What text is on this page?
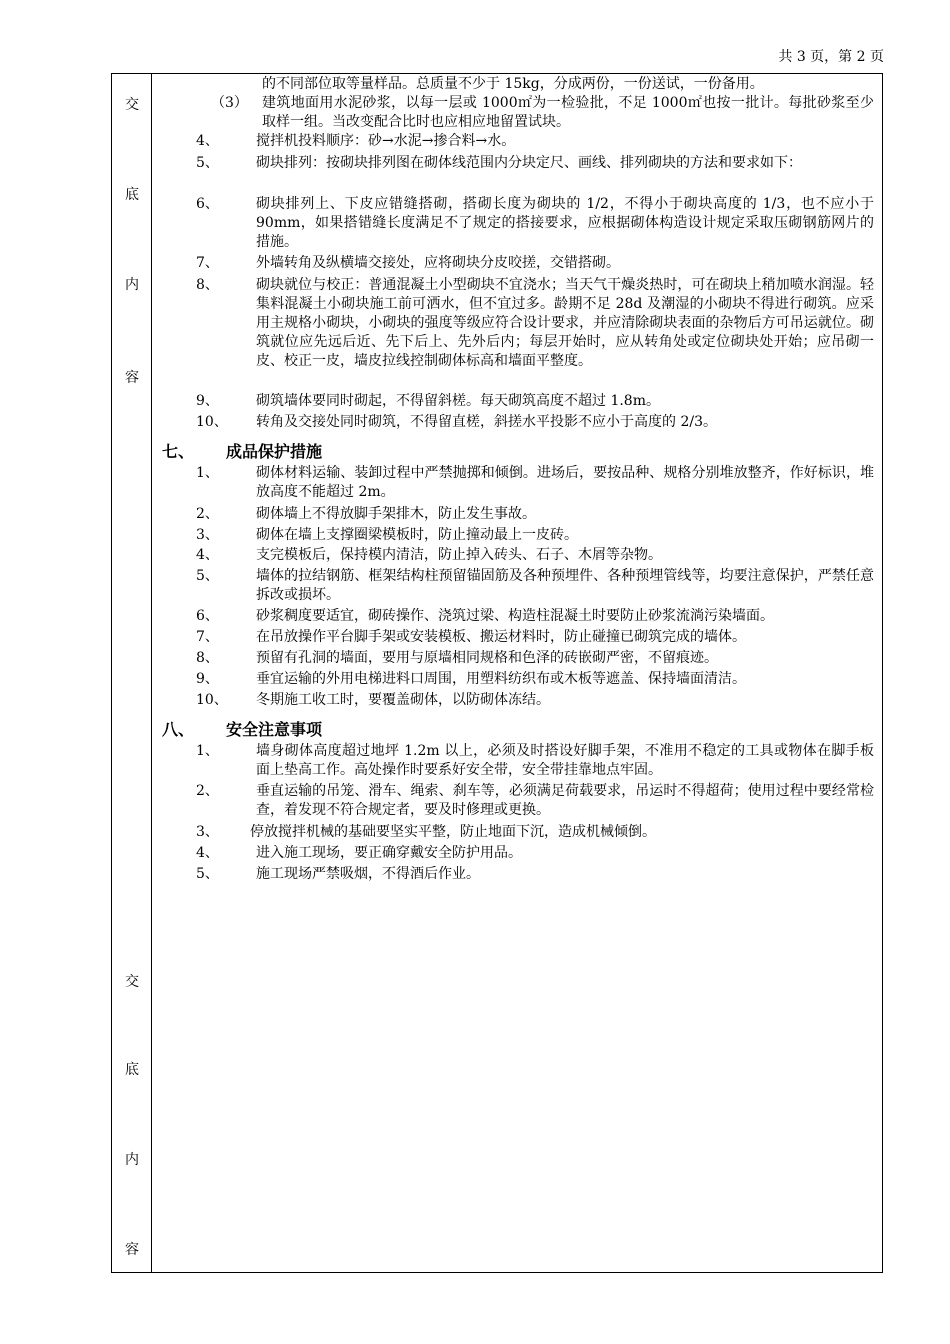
共 3 页，第 2 页
交
底
内
容
交
底
内
容
的不同部位取等量样品。总质量不少于 15kg，分成两份，一份送试，一份备用。
（3） 建筑地面用水泥砂浆，以每一层或 1000㎡为一检验批，不足 1000㎡也按一批计。每批砂浆至少取样一组。当改变配合比时也应相应地留置试块。
4、	搅拌机投料顺序：砂→水泥→掺合料→水。
5、	砌块排列：按砌块排列图在砌体线范围内分块定尺、画线、排列砌块的方法和要求如下：
6、	砌块排列上、下皮应错缝搭砌，搭砌长度为砌块的 1/2，不得小于砌块高度的 1/3，也不应小于 90mm，如果搭错缝长度满足不了规定的搭接要求，应根据砌体构造设计规定采取压砌钢筋网片的措施。
7、	外墙转角及纵横墙交接处，应将砌块分皮咬搓，交错搭砌。
8、	砌块就位与校正：普通混凝土小型砌块不宜浇水；当天气干燥炎热时，可在砌块上稍加喷水润湿。轻集料混凝土小砌块施工前可洒水，但不宜过多。龄期不足 28d 及潮湿的小砌块不得进行砌筑。应采用主规格小砌块，小砌块的强度等级应符合设计要求，并应清除砌块表面的杂物后方可吊运就位。砌筑就位应先远后近、先下后上、先外后内；每层开始时，应从转角处或定位砌块处开始；应吊砌一皮、校正一皮，墙皮拉线控制砌体标高和墙面平整度。
9、	砌筑墙体要同时砌起，不得留斜槎。每天砌筑高度不超过 1.8m。
10、 转角及交接处同时砌筑，不得留直槎，斜搓水平投影不应小于高度的 2/3。
七、 成品保护措施
1、	砌体材料运输、装卸过程中严禁抛掷和倾倒。进场后，要按品种、规格分别堆放整齐，作好标识，堆放高度不能超过 2m。
2、	砌体墙上不得放脚手架排木，防止发生事故。
3、	砌体在墙上支撑圈梁模板时，防止撞动最上一皮砖。
4、	支完模板后，保持模内清洁，防止掉入砖头、石子、木屑等杂物。
5、	墙体的拉结钢筋、框架结构柱预留锚固筋及各种预埋件、各种预埋管线等，均要注意保护，严禁任意拆改或损坏。
6、	砂浆稠度要适宜，砌砖操作、浇筑过梁、构造柱混凝土时要防止砂浆流淌污染墙面。
7、	在吊放操作平台脚手架或安装模板、搬运材料时，防止碰撞已砌筑完成的墙体。
8、	预留有孔洞的墙面，要用与原墙相同规格和色泽的砖嵌砌严密，不留痕迹。
9、	垂宜运输的外用电梯进料口周围，用塑料纺织布或木板等遮盖、保持墙面清洁。
10、 冬期施工收工时，要覆盖砌体，以防砌体冻结。
八、 安全注意事项
1、	墙身砌体高度超过地坪 1.2m 以上，必须及时搭设好脚手架，不准用不稳定的工具或物体在脚手板面上垫高工作。高处操作时要系好安全带，安全带挂靠地点牢固。
2、	垂直运输的吊笼、滑车、绳索、刹车等，必须满足荷载要求，吊运时不得超荷；使用过程中要经常检查，着发现不符合规定者，要及时修理或更换。
3、 停放搅拌机械的基础要坚实平整，防止地面下沉，造成机械倾倒。
4、	进入施工现场，要正确穿戴安全防护用品。
5、	施工现场严禁吸烟，不得酒后作业。
